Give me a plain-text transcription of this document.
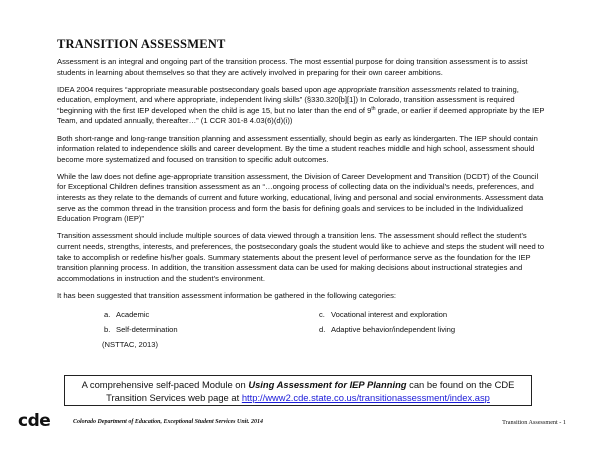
TRANSITION ASSESSMENT

Assessment is an integral and ongoing part of the transition process. The most essential purpose for doing transition assessment is to assist students in learning about themselves so that they are actively involved in preparing for their own career ambitions.

IDEA 2004 requires “appropriate measurable postsecondary goals based upon age appropriate transition assessments related to training, education, employment, and where appropriate, independent living skills” (§330.320[b][1]) In Colorado, transition assessment is required “beginning with the first IEP developed when the child is age 15, but no later than the end of 9th grade, or earlier if deemed appropriate by the IEP Team, and updated annually, thereafter…” (1 CCR 301-8 4.03(6)(d)(i))

Both short-range and long-range transition planning and assessment essentially, should begin as early as kindergarten. The IEP should contain information related to independence skills and career development. By the time a student reaches middle and high school, assessment should become more systematized and focused on transition to specific adult outcomes.

While the law does not define age-appropriate transition assessment, the Division of Career Development and Transition (DCDT) of the Council for Exceptional Children defines transition assessment as an “…ongoing process of collecting data on the individual’s needs, preferences, and interests as they relate to the demands of current and future working, educational, living and personal and social environments. Assessment data serve as the common thread in the transition process and form the basis for defining goals and services to be included in the Individualized Education Program (IEP)”

Transition assessment should include multiple sources of data viewed through a transition lens. The assessment should reflect the student’s current needs, strengths, interests, and preferences, the postsecondary goals the student would like to achieve and steps the student will need to take to accomplish or redefine his/her goals. Summary statements about the present level of performance serve as the foundation for the IEP transition planning process. In addition, the transition assessment data can be used for making decisions about instructional strategies and accommodations in instruction and the student’s environment.

It has been suggested that transition assessment information be gathered in the following categories:

a. Academic	c. Vocational interest and exploration
b. Self-determination	d. Adaptive behavior/independent living
(NSTTAC, 2013)
A comprehensive self-paced Module on Using Assessment for IEP Planning can be found on the CDE Transition Services web page at http://www2.cde.state.co.us/transitionassessment/index.asp
cde	Colorado Department of Education, Exceptional Student Services Unit. 2014	Transition Assessment - 1
